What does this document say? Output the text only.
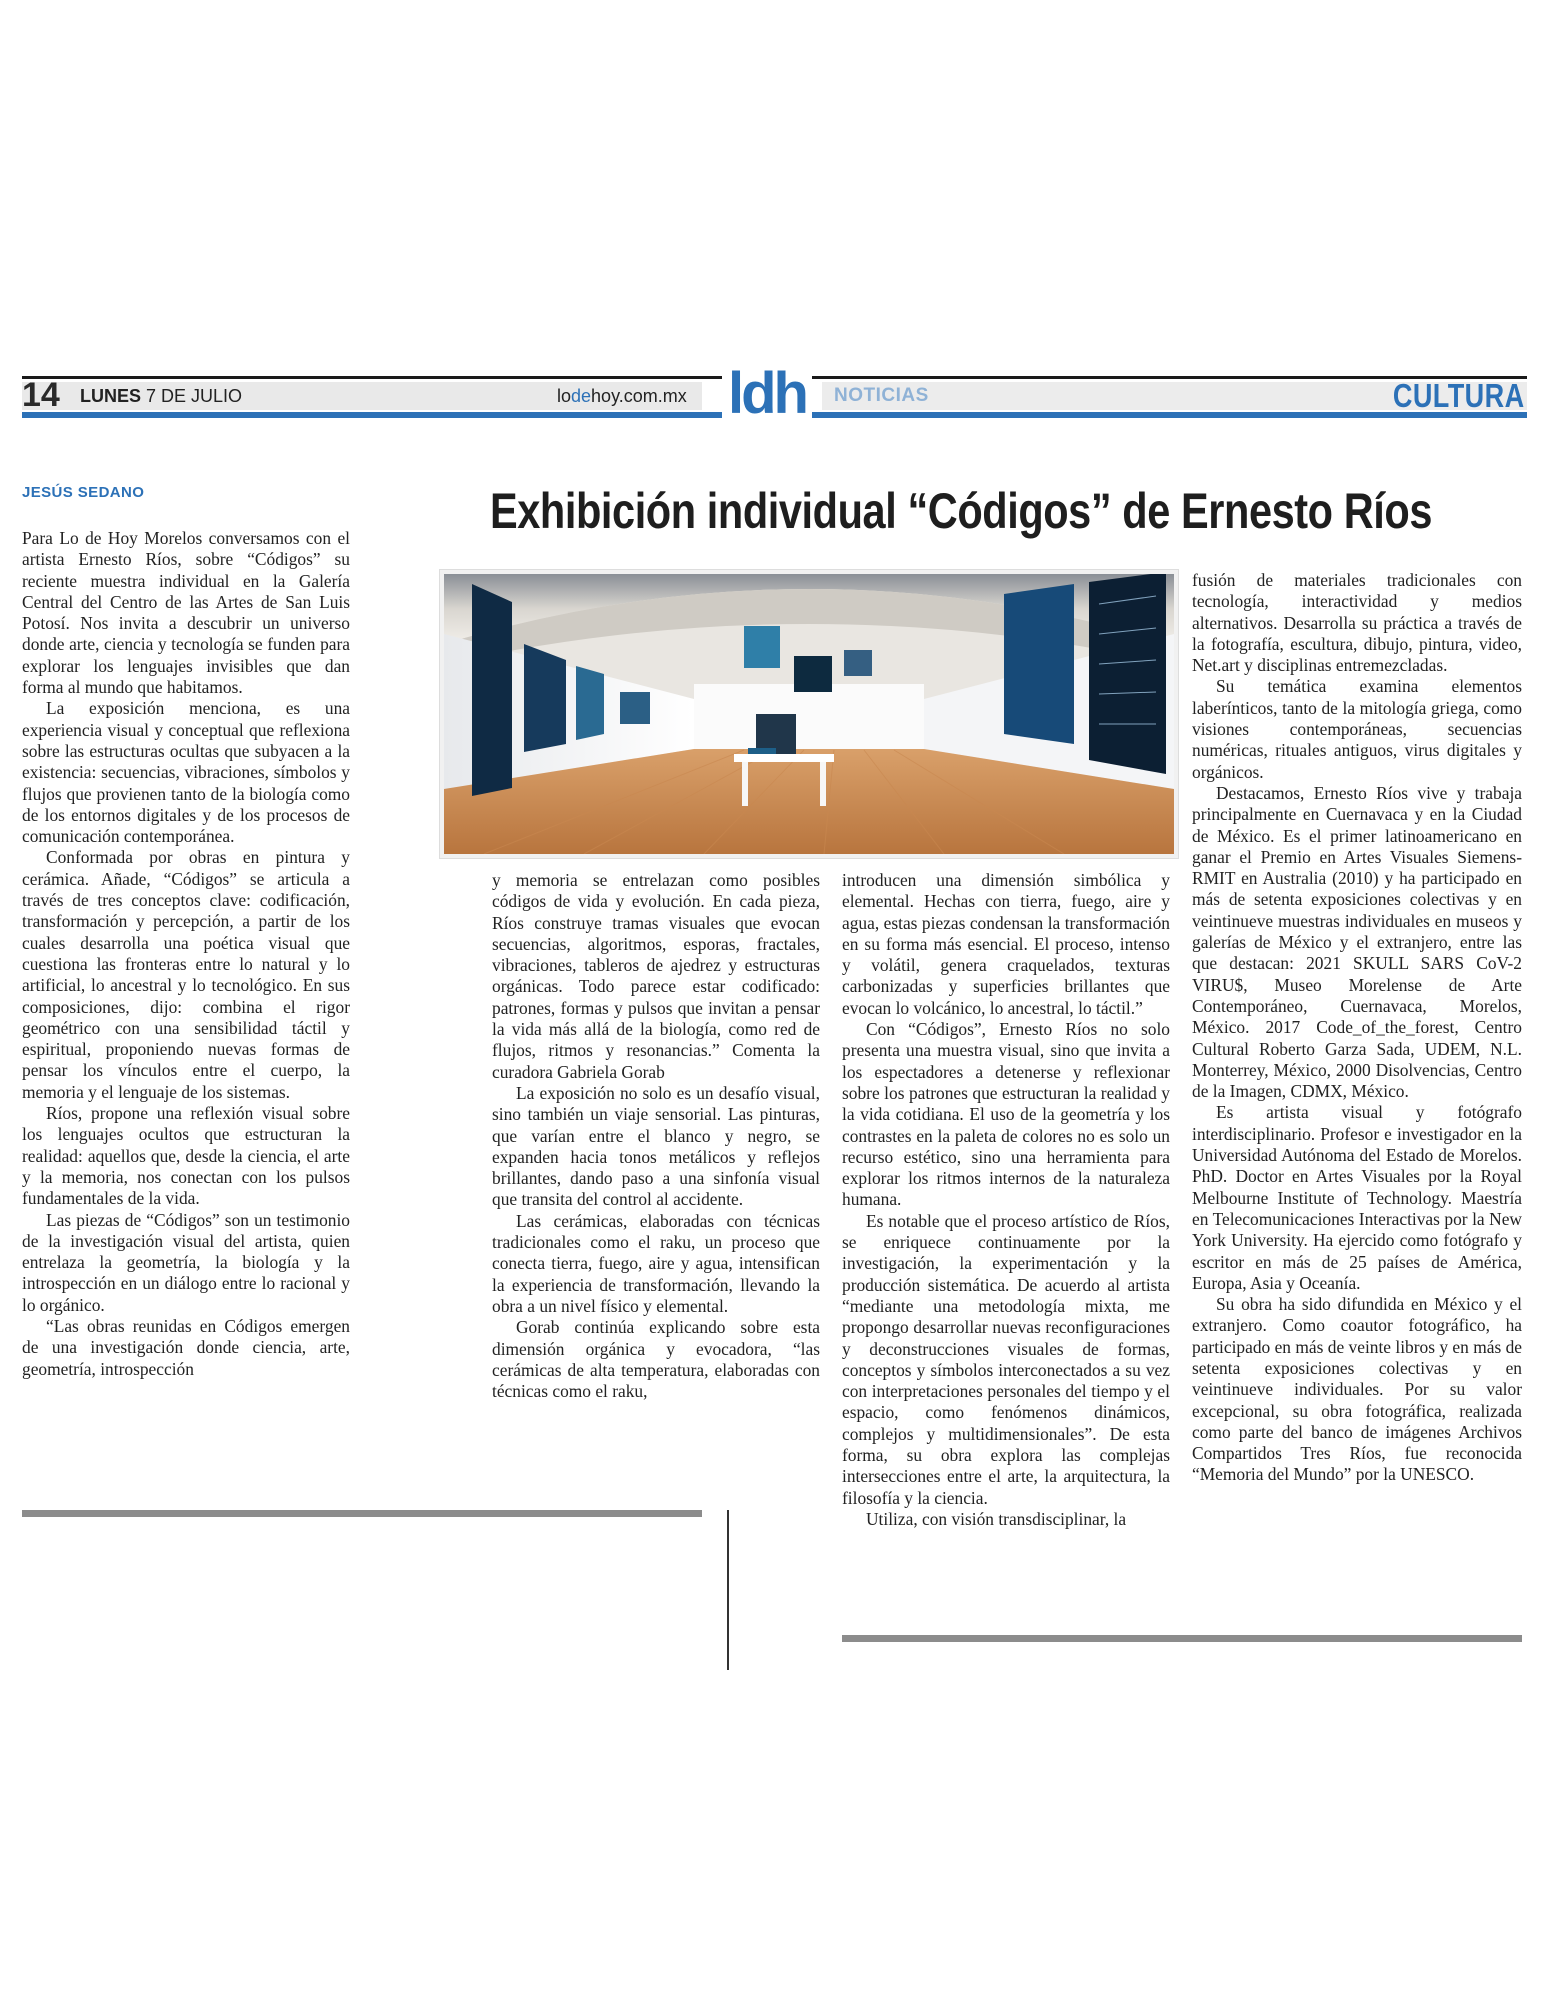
14 LUNES 7 DE JULIO	lodehoy.com.mx ldh	NOTICIAS	CULTURA
JESÚS SEDANO	Exhibición individual “Códigos” de Ernesto Ríos

Para Lo de Hoy Morelos conversamos con el artista Ernesto Ríos, sobre “Códigos” su reciente muestra individual en la Galería Central del Centro de las Artes de San Luis Potosí. Nos invita a descubrir un universo donde arte, ciencia y tecnología se funden para explorar los lenguajes invisibles que dan forma al mundo que habitamos.

La exposición menciona, es una experiencia visual y conceptual que reflexiona sobre las estructuras ocultas que subyacen a la existencia: secuencias, vibraciones, símbolos y flujos que provienen tanto de la biología como de los entornos digitales y de los procesos de comunicación contemporánea.

Conformada por obras en pintura y cerámica. Añade, “Códigos” se articula a través de tres conceptos clave: codificación, transformación y percepción, a partir de los cuales desarrolla una poética visual que cuestiona las fronteras entre lo natural y lo artificial, lo ancestral y lo tecnológico. En sus composiciones, dijo: combina el rigor geométrico con una sensibilidad táctil y espiritual, proponiendo nuevas formas de pensar los vínculos entre el cuerpo, la memoria y el lenguaje de los sistemas.

Ríos, propone una reflexión visual sobre los lenguajes ocultos que estructuran la realidad: aquellos que, desde la ciencia, el arte y la memoria, nos conectan con los pulsos fundamentales de la vida.

Las piezas de “Códigos” son un testimonio de la investigación visual del artista, quien entrelaza la geometría, la biología y la introspección en un diálogo entre lo racional y lo orgánico.

“Las obras reunidas en Códigos emergen de una investigación donde ciencia, arte, geometría, introspección

y memoria se entrelazan como posibles códigos de vida y evolución. En cada pieza, Ríos construye tramas visuales que evocan secuencias, algoritmos, esporas, fractales, vibraciones, tableros de ajedrez y estructuras orgánicas. Todo parece estar codificado: patrones, formas y pulsos que invitan a pensar la vida más allá de la biología, como red de flujos, ritmos y resonancias.” Comenta la curadora Gabriela Gorab

La exposición no solo es un desafío visual, sino también un viaje sensorial. Las pinturas, que varían entre el blanco y negro, se expanden hacia tonos metálicos y reflejos brillantes, dando paso a una sinfonía visual que transita del control al accidente.

Las cerámicas, elaboradas con técnicas tradicionales como el raku, un proceso que conecta tierra, fuego, aire y agua, intensifican la experiencia de transformación, llevando la obra a un nivel físico y elemental.

Gorab continúa explicando sobre esta dimensión orgánica y evocadora, “las cerámicas de alta temperatura, elaboradas con técnicas como el raku,

introducen una dimensión simbólica y elemental. Hechas con tierra, fuego, aire y agua, estas piezas condensan la transformación en su forma más esencial. El proceso, intenso y volátil, genera craquelados, texturas carbonizadas y superficies brillantes que evocan lo volcánico, lo ancestral, lo táctil.”

Con “Códigos”, Ernesto Ríos no solo presenta una muestra visual, sino que invita a los espectadores a detenerse y reflexionar sobre los patrones que estructuran la realidad y la vida cotidiana. El uso de la geometría y los contrastes en la paleta de colores no es solo un recurso estético, sino una herramienta para explorar los ritmos internos de la naturaleza humana.

Es notable que el proceso artístico de Ríos, se enriquece continuamente por la investigación, la experimentación y la producción sistemática. De acuerdo al artista “mediante una metodología mixta, me propongo desarrollar nuevas reconfiguraciones y deconstrucciones visuales de formas, conceptos y símbolos interconectados a su vez con interpretaciones personales del tiempo y el espacio, como fenómenos dinámicos, complejos y multidimensionales”. De esta forma, su obra explora las complejas intersecciones entre el arte, la arquitectura, la filosofía y la ciencia.

Utiliza, con visión transdisciplinar, la

fusión de materiales tradicionales con tecnología, interactividad y medios alternativos. Desarrolla su práctica a través de la fotografía, escultura, dibujo, pintura, video, Net.art y disciplinas entremezcladas.

Su temática examina elementos laberínticos, tanto de la mitología griega, como visiones contemporáneas, secuencias numéricas, rituales antiguos, virus digitales y orgánicos.

Destacamos, Ernesto Ríos vive y trabaja principalmente en Cuernavaca y en la Ciudad de México. Es el primer latinoamericano en ganar el Premio en Artes Visuales Siemens-RMIT en Australia (2010) y ha participado en más de setenta exposiciones colectivas y en veintinueve muestras individuales en museos y galerías de México y el extranjero, entre las que destacan: 2021 SKULL SARS CoV-2 VIRU$, Museo Morelense de Arte Contemporáneo, Cuernavaca, Morelos, México. 2017 Code_of_the_forest, Centro Cultural Roberto Garza Sada, UDEM, N.L. Monterrey, México, 2000 Disolvencias, Centro de la Imagen, CDMX, México.

Es artista visual y fotógrafo interdisciplinario. Profesor e investigador en la Universidad Autónoma del Estado de Morelos. PhD. Doctor en Artes Visuales por la Royal Melbourne Institute of Technology. Maestría en Telecomunicaciones Interactivas por la New York University. Ha ejercido como fotógrafo y escritor en más de 25 países de América, Europa, Asia y Oceanía.

Su obra ha sido difundida en México y el extranjero. Como coautor fotográfico, ha participado en más de veinte libros y en más de setenta exposiciones colectivas y en veintinueve individuales. Por su valor excepcional, su obra fotográfica, realizada como parte del banco de imágenes Archivos Compartidos Tres Ríos, fue reconocida “Memoria del Mundo” por la UNESCO.
